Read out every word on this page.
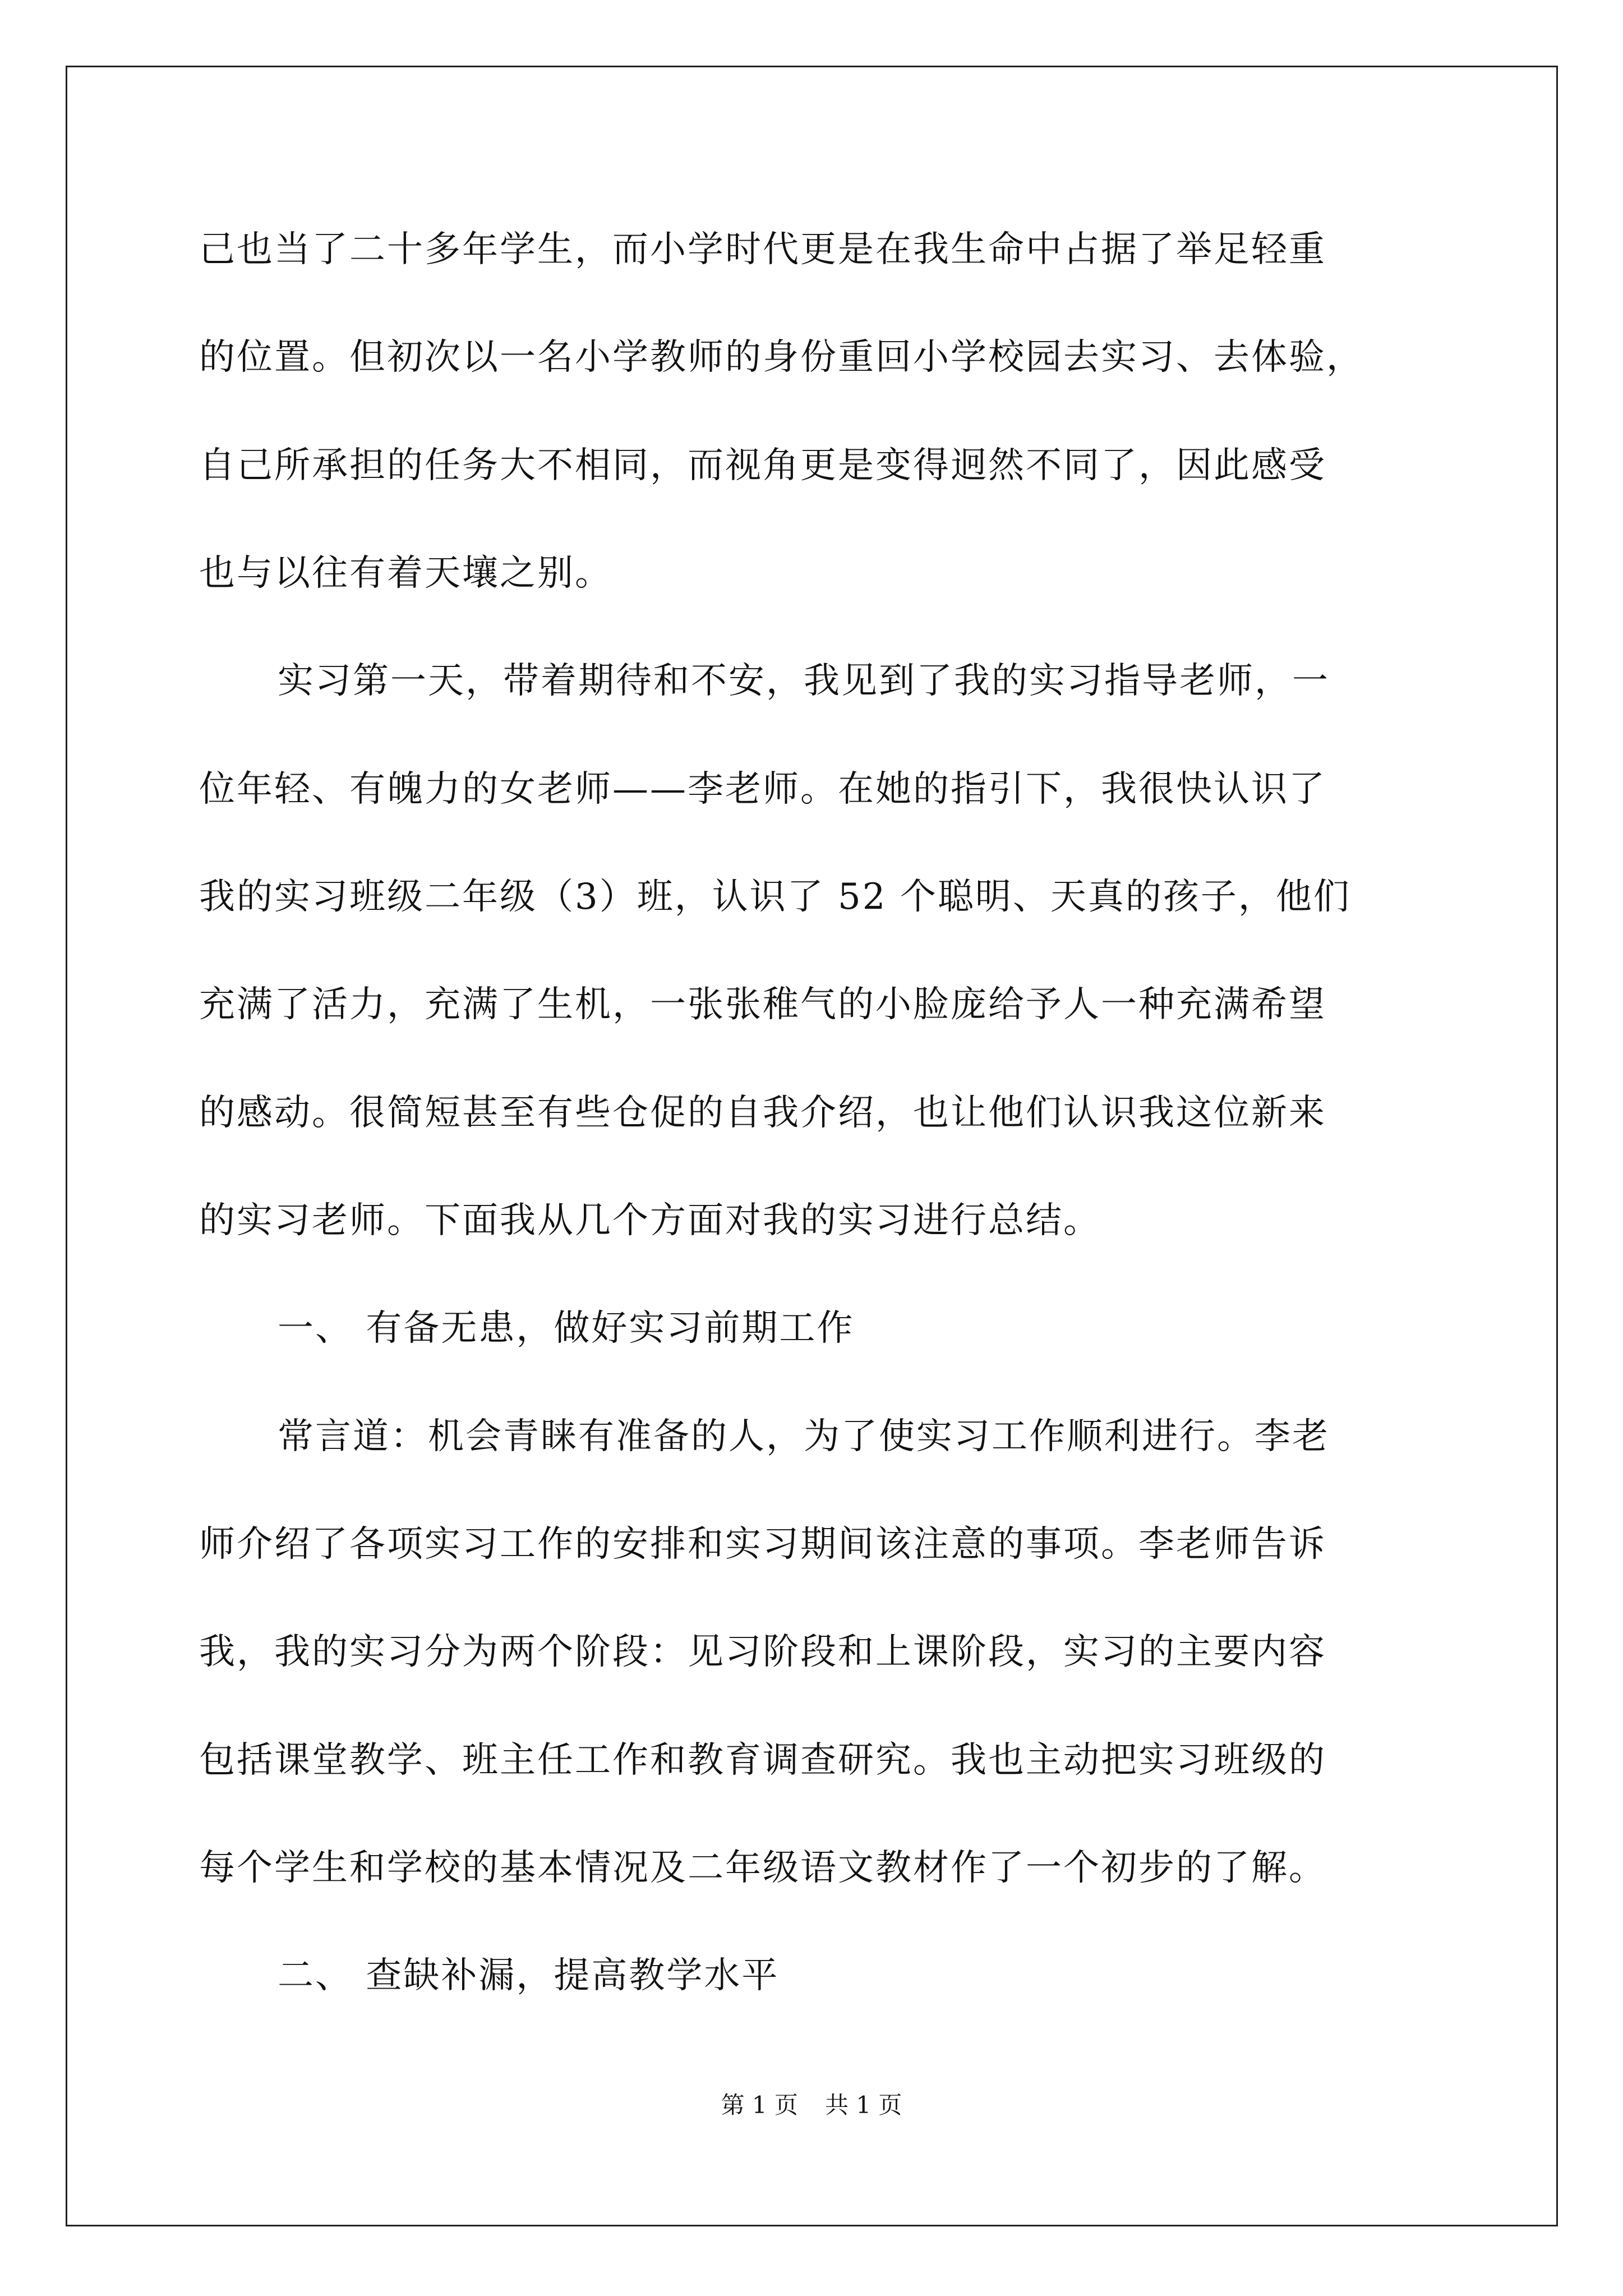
己也当了二十多年学生，而小学时代更是在我生命中占据了举足轻重
的位置。但初次以一名小学教师的身份重回小学校园去实习、去体验，
自己所承担的任务大不相同，而视角更是变得迥然不同了，因此感受
也与以往有着天壤之别。
实习第一天，带着期待和不安，我见到了我的实习指导老师，一
位年轻、有魄力的女老师——李老师。在她的指引下，我很快认识了
我的实习班级二年级（3）班，认识了 52 个聪明、天真的孩子，他们
充满了活力，充满了生机，一张张稚气的小脸庞给予人一种充满希望
的感动。很简短甚至有些仓促的自我介绍，也让他们认识我这位新来
的实习老师。下面我从几个方面对我的实习进行总结。
一、 有备无患，做好实习前期工作
常言道：机会青睐有准备的人，为了使实习工作顺利进行。李老
师介绍了各项实习工作的安排和实习期间该注意的事项。李老师告诉
我，我的实习分为两个阶段：见习阶段和上课阶段，实习的主要内容
包括课堂教学、班主任工作和教育调查研究。我也主动把实习班级的
每个学生和学校的基本情况及二年级语文教材作了一个初步的了解。
二、 查缺补漏，提高教学水平
第 1 页 共 1 页
